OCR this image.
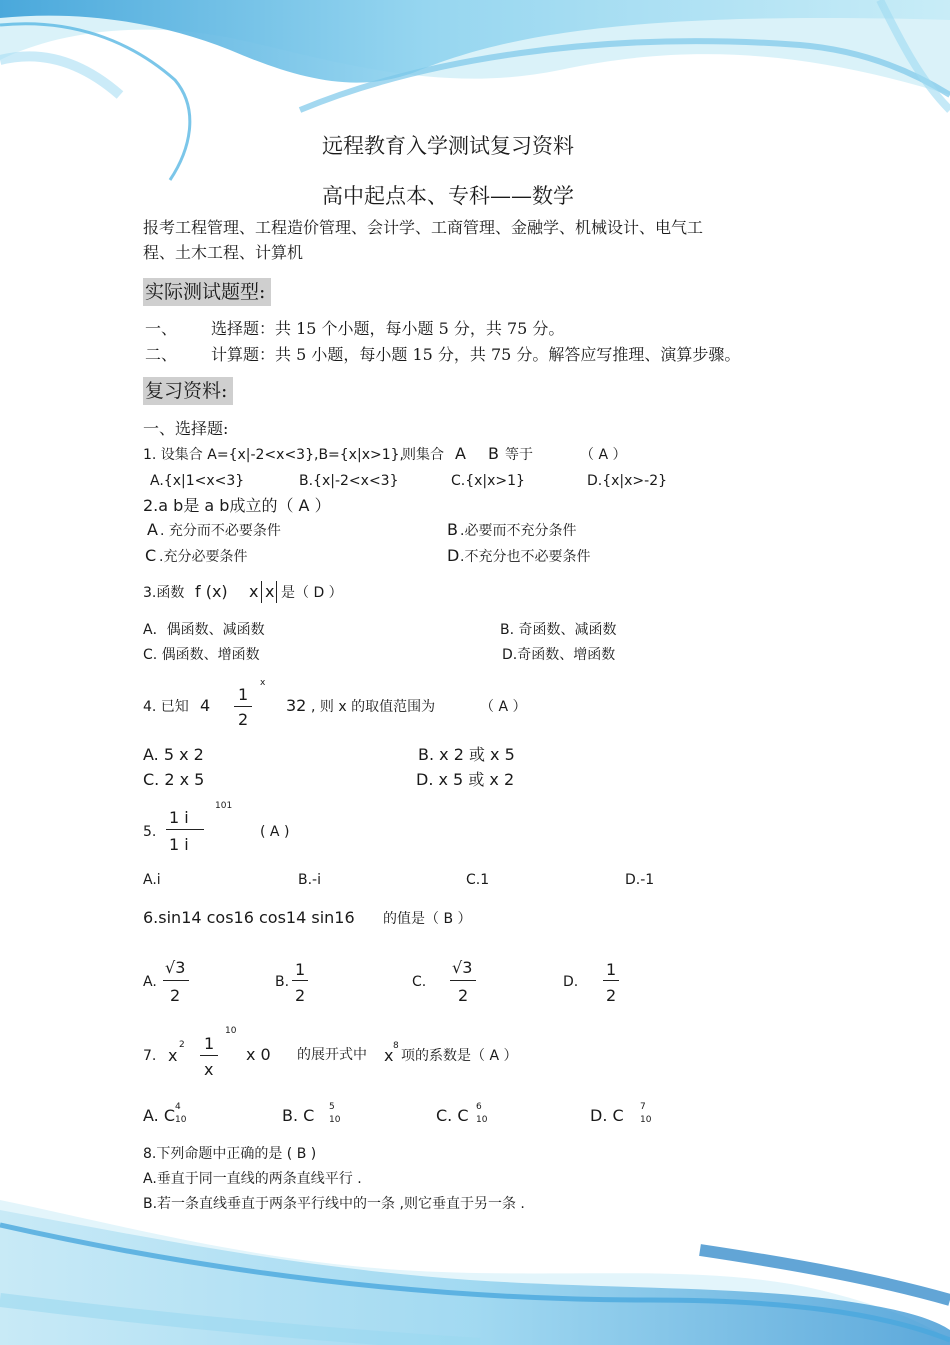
远程教育入学测试复习资料
高中起点本、专科——数学
报考工程管理、工程造价管理、会计学、工商管理、金融学、机械设计、电气工
程、土木工程、计算机
实际测试题型:
一、 选择题：共 15 个小题，每小题 5 分，共 75 分。
二、 计算题：共 5 小题，每小题 15 分，共 75 分。解答应写推理、演算步骤。
复习资料:
一、选择题:
1. 设集合 A={x|-2<x<3},B={x|x>1},
则集合 A B 等于	（ A ）
A.{x|1<x<3}	B.{x|-2<x<3}	C.{x|x>1}	D.{x|x>-2}
2.a b是 a b成立的（ A ）
A . 充分而不必要条件	B .必要而不充分条件
C .充分必要条件	D .不充分也不必要条件
3.函数 f (x) x x 是（ D ）
A．偶函数、减函数	B. 奇函数、减函数
C. 偶函数、增函数	D.奇函数、增函数
4. 已知 4
1
2
x
32 , 则 x 的取值范围为	（ A ）
A. 5 x 2	B. x 2 或 x 5
C. 2 x 5	D. x 5 或 x 2
5.
1 i
1 i
101
( A )
A.i	B.-i	C.1	D.-1
6.sin14 cos16 cos14 sin16 的值是（ B ）
A.
√3
2
B.
1
2
C.
√3
2
D.
1
2
7. x
2 1
x
10
x 0 的展开式中 x 8
项的系数是（ A ）
A. C 4
10	B. C 5
10	C. C 6
10	D. C 7
10
8.下列命题中正确的是 ( B )
A.垂直于同一直线的两条直线平行 .
B.若一条直线垂直于两条平行线中的一条 ,则它垂直于另一条 .
